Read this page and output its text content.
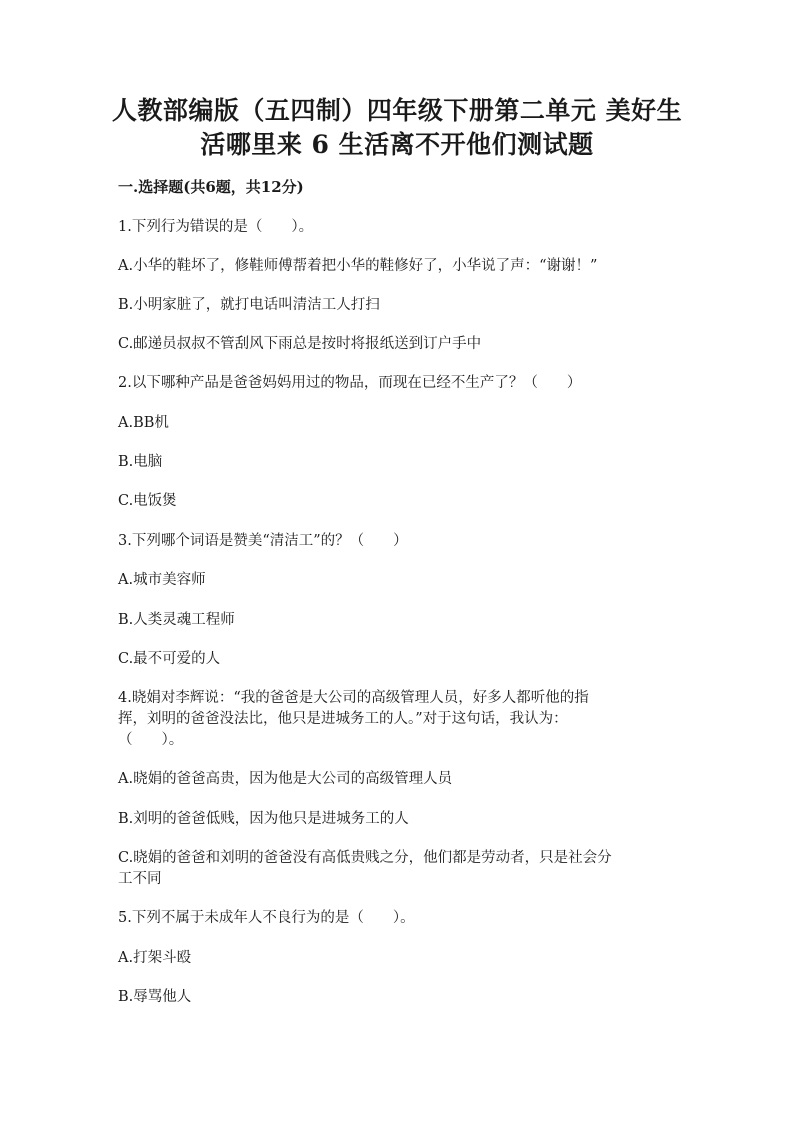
人教部编版（五四制）四年级下册第二单元 美好生
活哪里来 6 生活离不开他们测试题
一.选择题(共6题，共12分)
1.下列行为错误的是（　　）。
A.小华的鞋坏了，修鞋师傅帮着把小华的鞋修好了，小华说了声：“谢谢！”
B.小明家脏了，就打电话叫清洁工人打扫
C.邮递员叔叔不管刮风下雨总是按时将报纸送到订户手中
2.以下哪种产品是爸爸妈妈用过的物品，而现在已经不生产了？（　　）
A.BB机
B.电脑
C.电饭煲
3.下列哪个词语是赞美“清洁工”的？（　　）
A.城市美容师
B.人类灵魂工程师
C.最不可爱的人
4.晓娟对李辉说：“我的爸爸是大公司的高级管理人员，好多人都听他的指
挥，刘明的爸爸没法比，他只是进城务工的人。”对于这句话，我认为：
（　　）。
A.晓娟的爸爸高贵，因为他是大公司的高级管理人员
B.刘明的爸爸低贱，因为他只是进城务工的人
C.晓娟的爸爸和刘明的爸爸没有高低贵贱之分，他们都是劳动者，只是社会分
工不同
5.下列不属于未成年人不良行为的是（　　）。
A.打架斗殴
B.辱骂他人
